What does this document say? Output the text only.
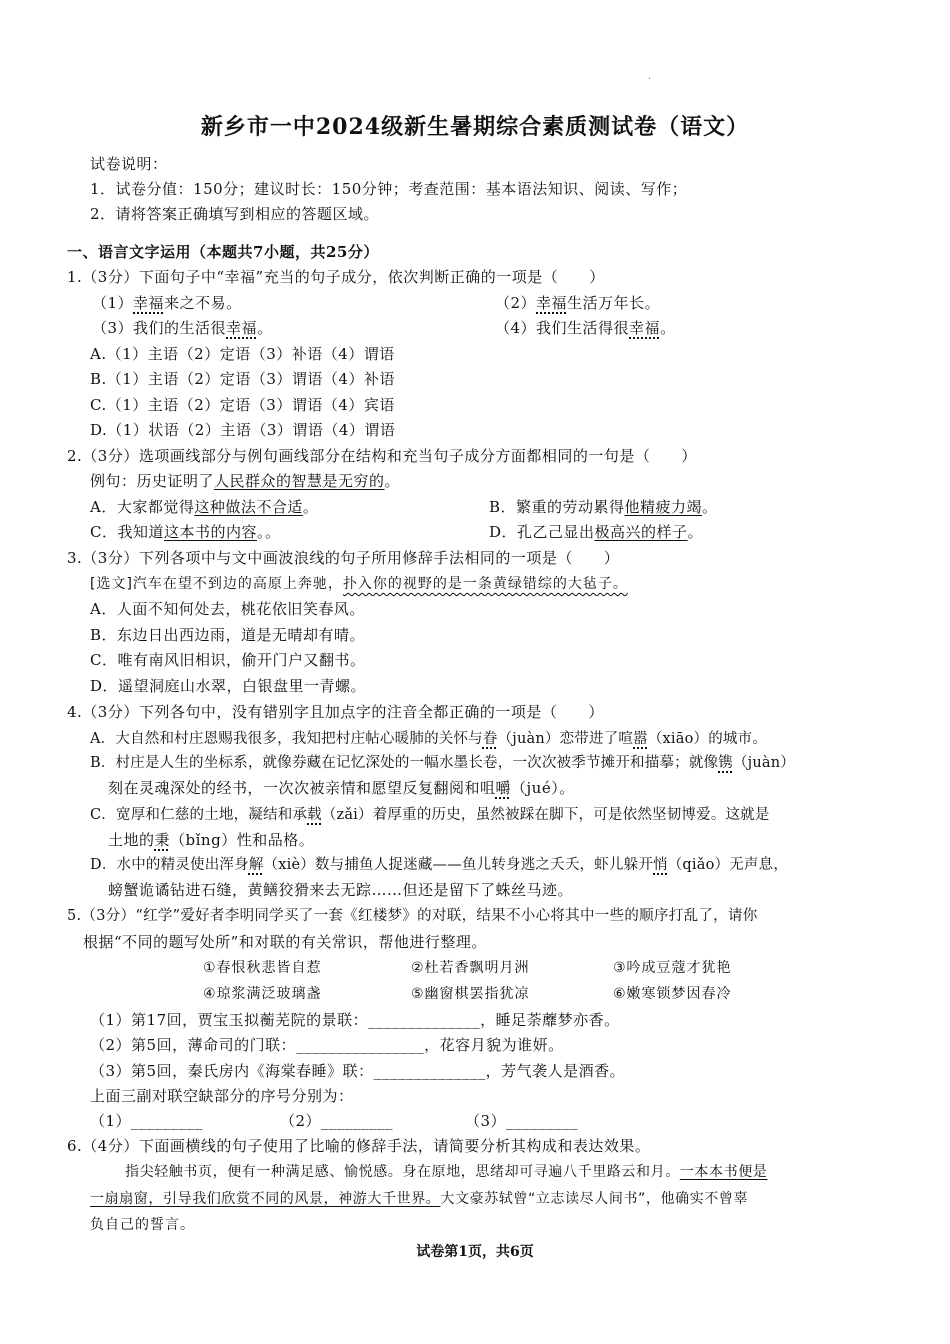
·
新乡市一中2024级新生暑期综合素质测试卷（语文）
试卷说明：
1．试卷分值：150分；建议时长：150分钟；考查范围：基本语法知识、阅读、写作；
2．请将答案正确填写到相应的答题区域。
一、语言文字运用（本题共7小题，共25分）
1.（3分）下面句子中“幸福”充当的句子成分，依次判断正确的一项是（　　）
（1）幸福来之不易。	（2）幸福生活万年长。
（3）我们的生活很幸福。	（4）我们生活得很幸福。
A.（1）主语（2）定语（3）补语（4）谓语
B.（1）主语（2）定语（3）谓语（4）补语
C.（1）主语（2）定语（3）谓语（4）宾语
D.（1）状语（2）主语（3）谓语（4）谓语
2.（3分）选项画线部分与例句画线部分在结构和充当句子成分方面都相同的一句是（　　）
例句：历史证明了人民群众的智慧是无穷的。
A．大家都觉得这种做法不合适。	B．繁重的劳动累得他精疲力竭。
C．我知道这本书的内容。。	D．孔乙己显出极高兴的样子。
3.（3分）下列各项中与文中画波浪线的句子所用修辞手法相同的一项是（　　）
[选文]汽车在望不到边的高原上奔驰，扑入你的视野的是一条黄绿错综的大毡子。
A．人面不知何处去，桃花依旧笑春风。
B．东边日出西边雨，道是无晴却有晴。
C．唯有南风旧相识，偷开门户又翻书。
D．遥望洞庭山水翠，白银盘里一青螺。
4.（3分）下列各句中，没有错别字且加点字的注音全都正确的一项是（　　）
A．大自然和村庄恩赐我很多，我知把村庄帖心暖肺的关怀与眷（juàn）恋带进了喧嚣（xiāo）的城市。
B．村庄是人生的坐标系，就像券藏在记忆深处的一幅水墨长卷，一次次被季节摊开和描摹；就像镌（juàn）
刻在灵魂深处的经书，一次次被亲情和愿望反复翻阅和咀嚼（jué）。
C．宽厚和仁慈的土地，凝结和承载（zǎi）着厚重的历史，虽然被踩在脚下，可是依然坚韧博爱。这就是
土地的秉（bǐng）性和品格。
D．水中的精灵使出浑身解（xiè）数与捕鱼人捉迷藏——鱼儿转身逃之夭夭，虾儿躲开悄（qiǎo）无声息，
螃蟹诡谲钻进石缝，黄鳝狡猾来去无踪……但还是留下了蛛丝马迹。
5.（3分）“红学”爱好者李明同学买了一套《红楼梦》的对联，结果不小心将其中一些的顺序打乱了，请你
根据“不同的题写处所”和对联的有关常识，帮他进行整理。
①春恨秋悲皆自惹	②杜若香飘明月洲	③吟成豆蔻才犹艳
④琼浆满泛玻璃盏	⑤幽窗棋罢指犹凉	⑥嫩寒锁梦因春冷
（1）第17回，贾宝玉拟蘅芜院的景联：______________，睡足荼蘼梦亦香。
（2）第5回，薄命司的门联：________________，花容月貌为谁妍。
（3）第5回，秦氏房内《海棠春睡》联：______________，芳气袭人是酒香。
上面三副对联空缺部分的序号分别为：
（1）_________	（2）_________	（3）_________
6.（4分）下面画横线的句子使用了比喻的修辞手法，请简要分析其构成和表达效果。
指尖轻触书页，便有一种满足感、愉悦感。身在原地，思绪却可寻遍八千里路云和月。一本本书便是
一扇扇窗，引导我们欣赏不同的风景，神游大千世界。大文豪苏轼曾“立志读尽人间书”，他确实不曾辜
负自己的誓言。
试卷第1页，共6页
